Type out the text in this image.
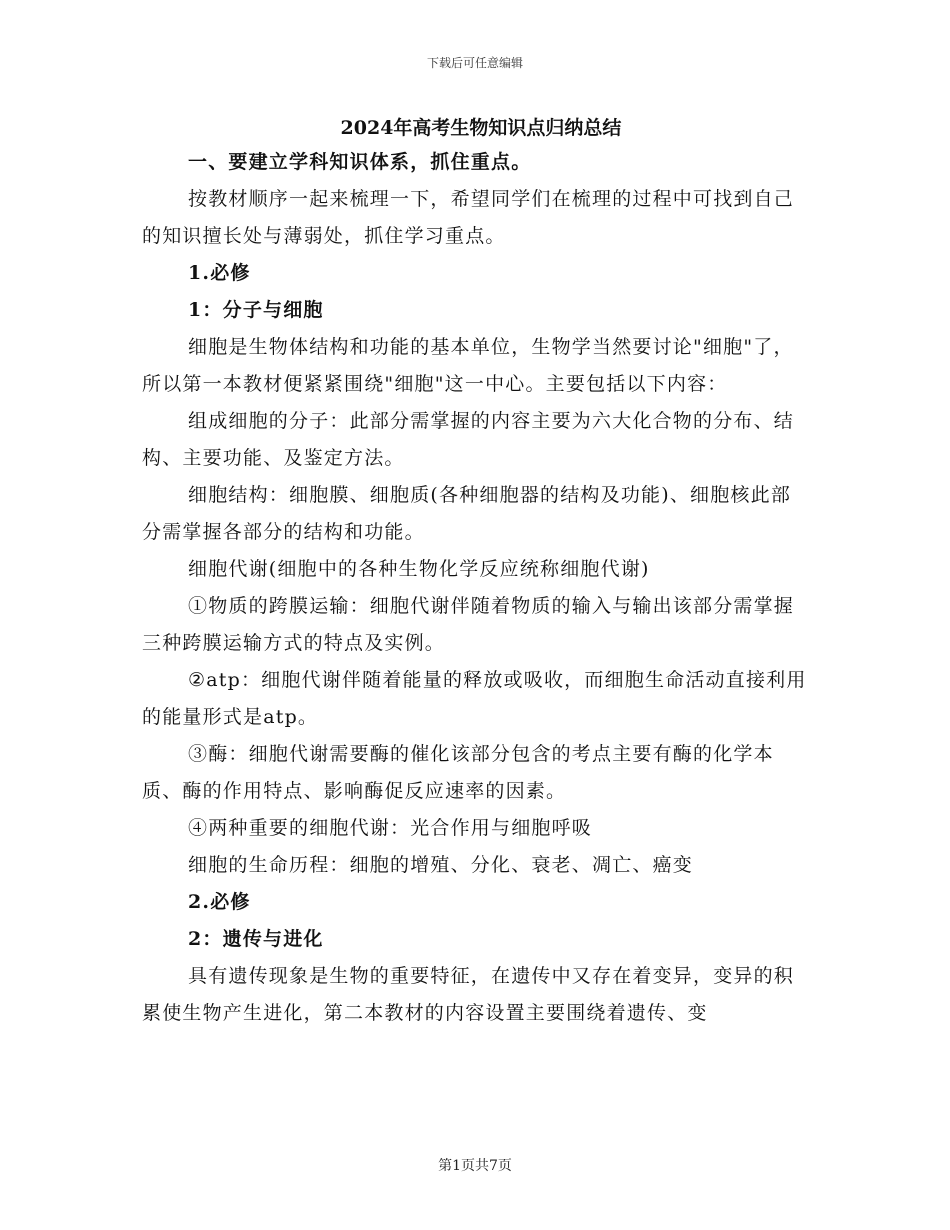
下载后可任意编辑

2024年高考生物知识点归纳总结

一、要建立学科知识体系，抓住重点。

按教材顺序一起来梳理一下，希望同学们在梳理的过程中可找到自己的知识擅长处与薄弱处，抓住学习重点。

1.必修

1：分子与细胞

细胞是生物体结构和功能的基本单位，生物学当然要讨论"细胞"了，所以第一本教材便紧紧围绕"细胞"这一中心。主要包括以下内容：

组成细胞的分子：此部分需掌握的内容主要为六大化合物的分布、结构、主要功能、及鉴定方法。

细胞结构：细胞膜、细胞质(各种细胞器的结构及功能)、细胞核此部分需掌握各部分的结构和功能。

细胞代谢(细胞中的各种生物化学反应统称细胞代谢)

①物质的跨膜运输：细胞代谢伴随着物质的输入与输出该部分需掌握三种跨膜运输方式的特点及实例。

②atp：细胞代谢伴随着能量的释放或吸收，而细胞生命活动直接利用的能量形式是atp。

③酶：细胞代谢需要酶的催化该部分包含的考点主要有酶的化学本质、酶的作用特点、影响酶促反应速率的因素。

④两种重要的细胞代谢：光合作用与细胞呼吸

细胞的生命历程：细胞的增殖、分化、衰老、凋亡、癌变

2.必修

2：遗传与进化

具有遗传现象是生物的重要特征，在遗传中又存在着变异，变异的积累使生物产生进化，第二本教材的内容设置主要围绕着遗传、变

第1页共7页
